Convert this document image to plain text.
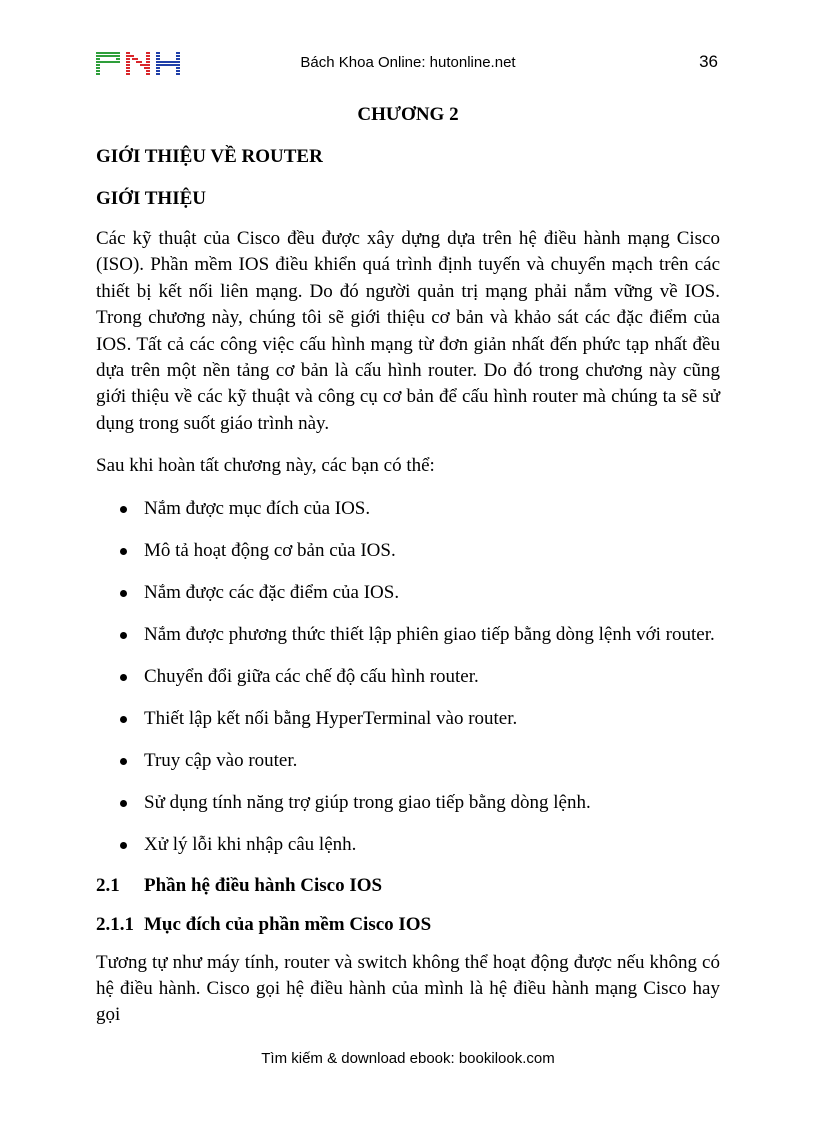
Bách Khoa Online: hutonline.net	36
CHƯƠNG 2
GIỚI THIỆU VỀ ROUTER
GIỚI THIỆU

Các kỹ thuật của Cisco đều được xây dựng dựa trên hệ điều hành mạng Cisco (ISO). Phần mềm IOS điều khiển quá trình định tuyến và chuyển mạch trên các thiết bị kết nối liên mạng. Do đó người quản trị mạng phải nắm vững về IOS. Trong chương này, chúng tôi sẽ giới thiệu cơ bản và khảo sát các đặc điểm của IOS. Tất cả các công việc cấu hình mạng từ đơn giản nhất đến phức tạp nhất đều dựa trên một nền tảng cơ bản là cấu hình router. Do đó trong chương này cũng giới thiệu về các kỹ thuật và công cụ cơ bản để cấu hình router mà chúng ta sẽ sử dụng trong suốt giáo trình này.

Sau khi hoàn tất chương này, các bạn có thể:

Nắm được mục đích của IOS.
Mô tả hoạt động cơ bản của IOS.
Nắm được các đặc điểm của IOS.
Nắm được phương thức thiết lập phiên giao tiếp bằng dòng lệnh với router.
Chuyển đổi giữa các chế độ cấu hình router.
Thiết lập kết nối bằng HyperTerminal vào router.
Truy cập vào router.
Sử dụng tính năng trợ giúp trong giao tiếp bằng dòng lệnh.
Xử lý lỗi khi nhập câu lệnh.
2.1	Phần hệ điều hành Cisco IOS
2.1.1 Mục đích của phần mềm Cisco IOS

Tương tự như máy tính, router và switch không thể hoạt động được nếu không có hệ điều hành. Cisco gọi hệ điều hành của mình là hệ điều hành mạng Cisco hay gọi

Tìm kiếm & download ebook: bookilook.com
